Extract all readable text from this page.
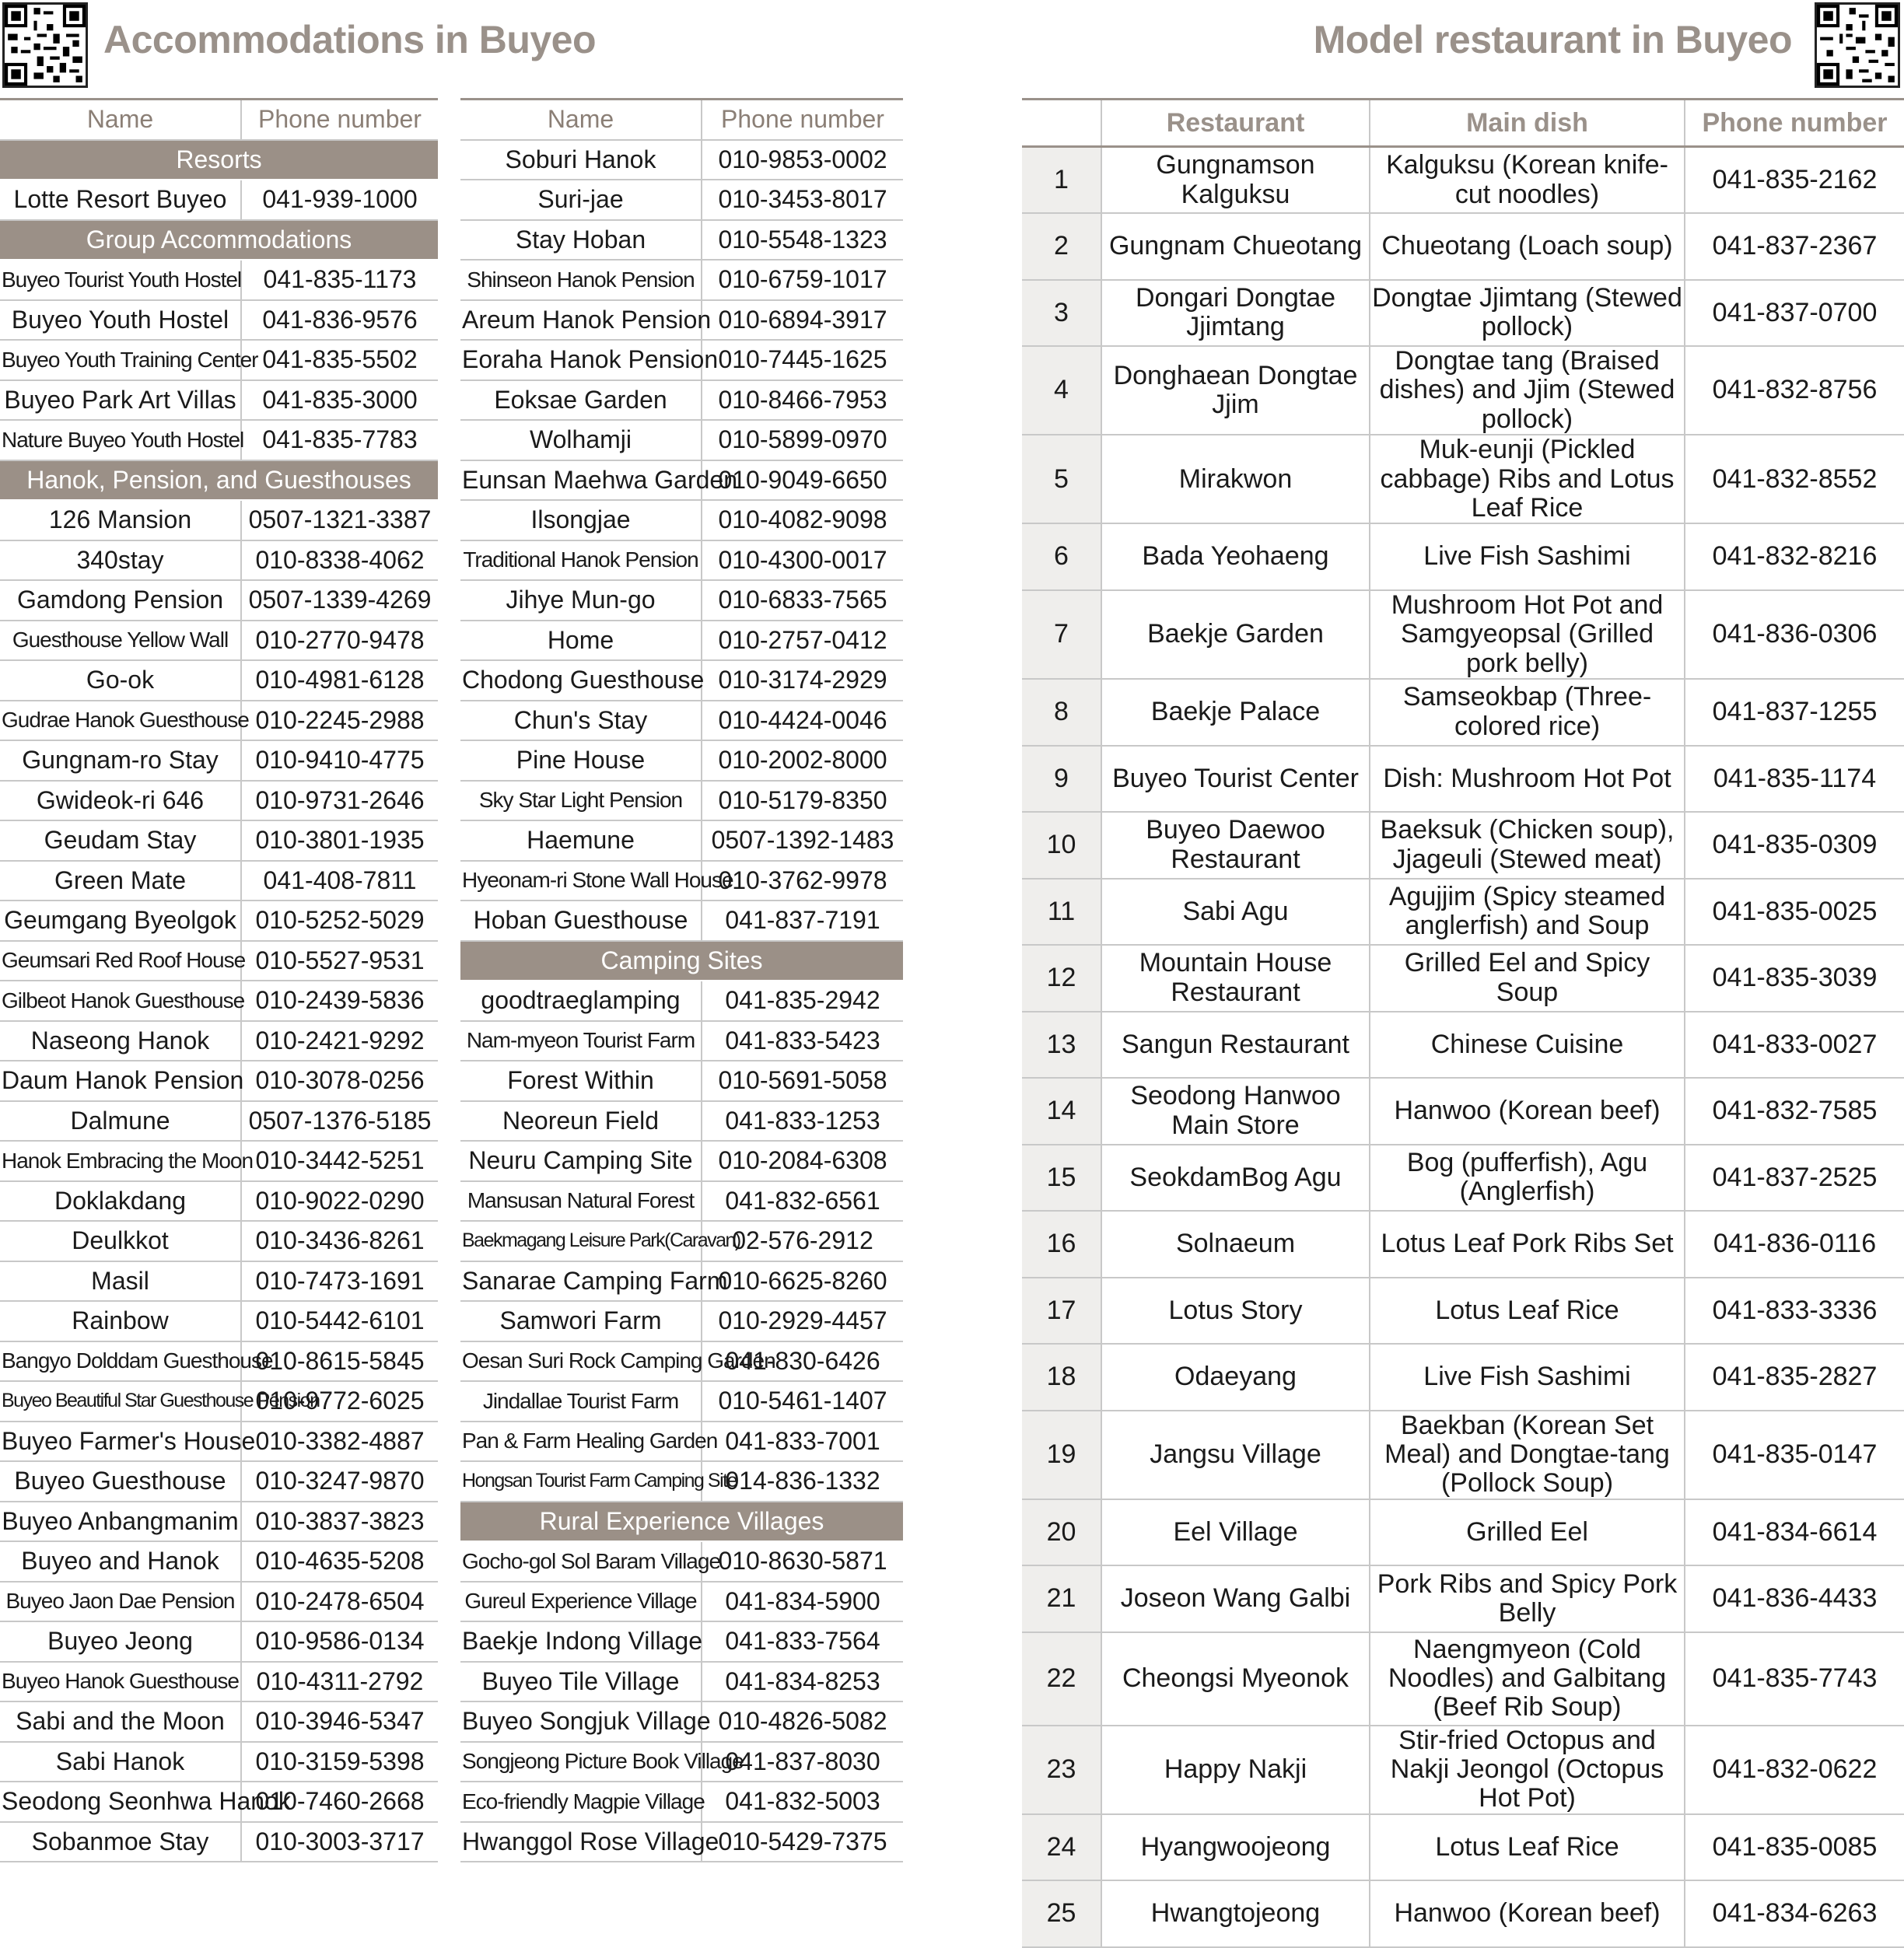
Accommodations in Buyeo	Model restaurant in Buyeo
Name	Phone number
Resorts	
Lotte Resort Buyeo	041-939-1000
Group Accommodations	
Buyeo Tourist Youth Hostel	041-835-1173
Buyeo Youth Hostel	041-836-9576
Buyeo Youth Training Center	041-835-5502
Buyeo Park Art Villas	041-835-3000
Nature Buyeo Youth Hostel	041-835-7783
Hanok, Pension, and Guesthouses	
126 Mansion	0507-1321-3387
340stay	010-8338-4062
Gamdong Pension	0507-1339-4269
Guesthouse Yellow Wall	010-2770-9478
Go-ok	010-4981-6128
Gudrae Hanok Guesthouse	010-2245-2988
Gungnam-ro Stay	010-9410-4775
Gwideok-ri 646	010-9731-2646
Geudam Stay	010-3801-1935
Green Mate	041-408-7811
Geumgang Byeolgok	010-5252-5029
Geumsari Red Roof House	010-5527-9531
Gilbeot Hanok Guesthouse	010-2439-5836
Naseong Hanok	010-2421-9292
Daum Hanok Pension	010-3078-0256
Dalmune	0507-1376-5185
Hanok Embracing the Moon	010-3442-5251
Doklakdang	010-9022-0290
Deulkkot	010-3436-8261
Masil	010-7473-1691
Rainbow	010-5442-6101
Bangyo Dolddam Guesthouse	010-8615-5845
Buyeo Beautiful Star Guesthouse Pension	010-9772-6025
Buyeo Farmer's House	010-3382-4887
Buyeo Guesthouse	010-3247-9870
Buyeo Anbangmanim	010-3837-3823
Buyeo and Hanok	010-4635-5208
Buyeo Jaon Dae Pension	010-2478-6504
Buyeo Jeong	010-9586-0134
Buyeo Hanok Guesthouse	010-4311-2792
Sabi and the Moon	010-3946-5347
Sabi Hanok	010-3159-5398
Seodong Seonhwa Hanok	010-7460-2668
Sobanmoe Stay	010-3003-3717
Name	Phone number
Soburi Hanok	010-9853-0002
Suri-jae	010-3453-8017
Stay Hoban	010-5548-1323
Shinseon Hanok Pension	010-6759-1017
Areum Hanok Pension	010-6894-3917
Eoraha Hanok Pension	010-7445-1625
Eoksae Garden	010-8466-7953
Wolhamji	010-5899-0970
Eunsan Maehwa Garden	010-9049-6650
Ilsongjae	010-4082-9098
Traditional Hanok Pension	010-4300-0017
Jihye Mun-go	010-6833-7565
Home	010-2757-0412
Chodong Guesthouse	010-3174-2929
Chun's Stay	010-4424-0046
Pine House	010-2002-8000
Sky Star Light Pension	010-5179-8350
Haemune	0507-1392-1483
Hyeonam-ri Stone Wall House	010-3762-9978
Hoban Guesthouse	041-837-7191
Camping Sites	
goodtraeglamping	041-835-2942
Nam-myeon Tourist Farm	041-833-5423
Forest Within	010-5691-5058
Neoreun Field	041-833-1253
Neuru Camping Site	010-2084-6308
Mansusan Natural Forest	041-832-6561
Baekmagang Leisure Park(Caravan)	02-576-2912
Sanarae Camping Farm	010-6625-8260
Samwori Farm	010-2929-4457
Oesan Suri Rock Camping Garden	041-830-6426
Jindallae Tourist Farm	010-5461-1407
Pan & Farm Healing Garden	041-833-7001
Hongsan Tourist Farm Camping Site	014-836-1332
Rural Experience Villages	
Gocho-gol Sol Baram Village	010-8630-5871
Gureul Experience Village	041-834-5900
Baekje Indong Village	041-833-7564
Buyeo Tile Village	041-834-8253
Buyeo Songjuk Village	010-4826-5082
Songjeong Picture Book Village	041-837-8030
Eco-friendly Magpie Village	041-832-5003
Hwanggol Rose Village	010-5429-7375
	Restaurant	Main dish	Phone number
1	Gungnamson Kalguksu	Kalguksu (Korean knife-cut noodles)	041-835-2162
2	Gungnam Chueotang	Chueotang (Loach soup)	041-837-2367
3	Dongari Dongtae Jjimtang	Dongtae Jjimtang (Stewed pollock)	041-837-0700
4	Donghaean Dongtae Jjim	Dongtae tang (Braised dishes) and Jjim (Stewed pollock)	041-832-8756
5	Mirakwon	Muk-eunji (Pickled cabbage) Ribs and Lotus Leaf Rice	041-832-8552
6	Bada Yeohaeng	Live Fish Sashimi	041-832-8216
7	Baekje Garden	Mushroom Hot Pot and Samgyeopsal (Grilled pork belly)	041-836-0306
8	Baekje Palace	Samseokbap (Three-colored rice)	041-837-1255
9	Buyeo Tourist Center	Dish: Mushroom Hot Pot	041-835-1174
10	Buyeo Daewoo Restaurant	Baeksuk (Chicken soup), Jjageuli (Stewed meat)	041-835-0309
11	Sabi Agu	Agujjim (Spicy steamed anglerfish) and Soup	041-835-0025
12	Mountain House Restaurant	Grilled Eel and Spicy Soup	041-835-3039
13	Sangun Restaurant	Chinese Cuisine	041-833-0027
14	Seodong Hanwoo Main Store	Hanwoo (Korean beef)	041-832-7585
15	SeokdamBog Agu	Bog (pufferfish), Agu (Anglerfish)	041-837-2525
16	Solnaeum	Lotus Leaf Pork Ribs Set	041-836-0116
17	Lotus Story	Lotus Leaf Rice	041-833-3336
18	Odaeyang	Live Fish Sashimi	041-835-2827
19	Jangsu Village	Baekban (Korean Set Meal) and Dongtae-tang (Pollock Soup)	041-835-0147
20	Eel Village	Grilled Eel	041-834-6614
21	Joseon Wang Galbi	Pork Ribs and Spicy Pork Belly	041-836-4433
22	Cheongsi Myeonok	Naengmyeon (Cold Noodles) and Galbitang (Beef Rib Soup)	041-835-7743
23	Happy Nakji	Stir-fried Octopus and Nakji Jeongol (Octopus Hot Pot)	041-832-0622
24	Hyangwoojeong	Lotus Leaf Rice	041-835-0085
25	Hwangtojeong	Hanwoo (Korean beef)	041-834-6263
